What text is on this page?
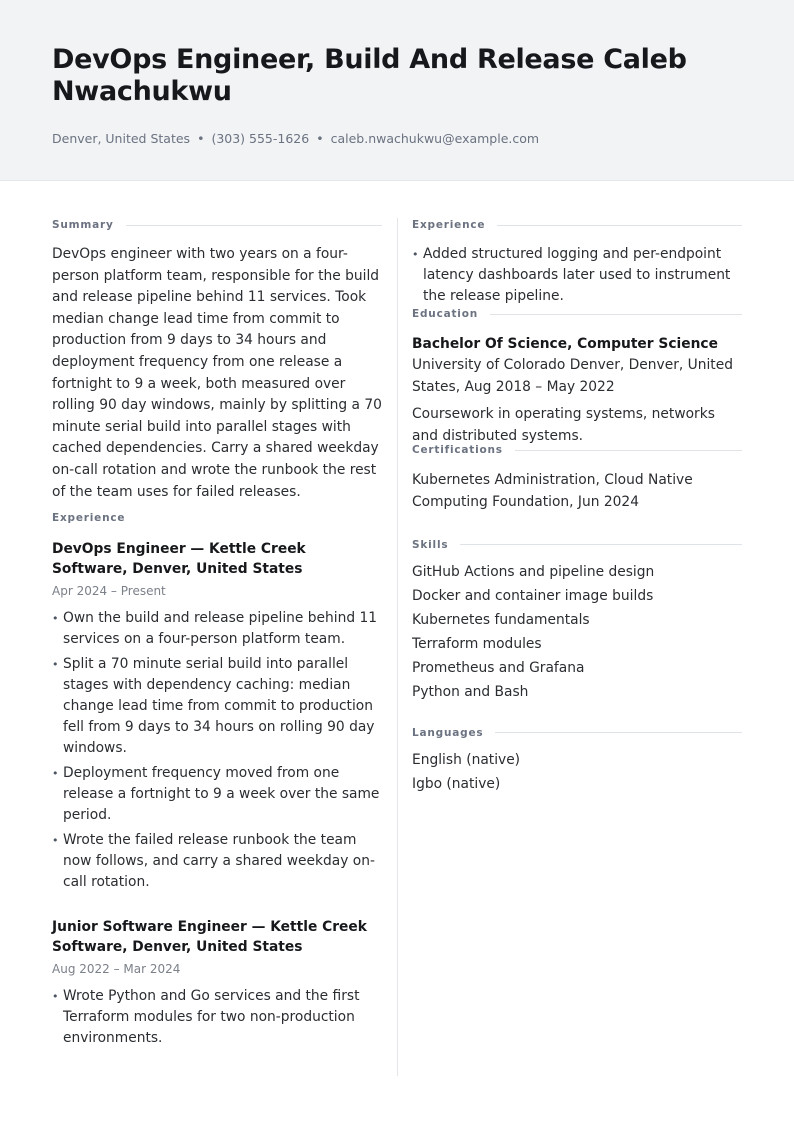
DevOps Engineer, Build And Release Caleb Nwachukwu
Denver, United States • (303) 555-1626 • caleb.nwachukwu@example.com
Summary

DevOps engineer with two years on a four-person platform team, responsible for the build and release pipeline behind 11 services. Took median change lead time from commit to production from 9 days to 34 hours and deployment frequency from one release a fortnight to 9 a week, both measured over rolling 90 day windows, mainly by splitting a 70 minute serial build into parallel stages with cached dependencies. Carry a shared weekday on-call rotation and wrote the runbook the rest of the team uses for failed releases.

Experience
DevOps Engineer — Kettle Creek Software, Denver, United States
Apr 2024 – Present
• Own the build and release pipeline behind 11 services on a four-person platform team.
• Split a 70 minute serial build into parallel stages with dependency caching: median change lead time from commit to production fell from 9 days to 34 hours on rolling 90 day windows.
• Deployment frequency moved from one release a fortnight to 9 a week over the same period.
• Wrote the failed release runbook the team now follows, and carry a shared weekday on-call rotation.
Junior Software Engineer — Kettle Creek Software, Denver, United States
Aug 2022 – Mar 2024
• Wrote Python and Go services and the first Terraform modules for two non-production environments.
Experience
• Added structured logging and per-endpoint latency dashboards later used to instrument the release pipeline.
Education
Bachelor Of Science, Computer Science
University of Colorado Denver, Denver, United States, Aug 2018 – May 2022
Coursework in operating systems, networks and distributed systems.
Certifications
Kubernetes Administration, Cloud Native Computing Foundation, Jun 2024
Skills
GitHub Actions and pipeline design
Docker and container image builds
Kubernetes fundamentals
Terraform modules
Prometheus and Grafana
Python and Bash
Languages
English (native)
Igbo (native)
